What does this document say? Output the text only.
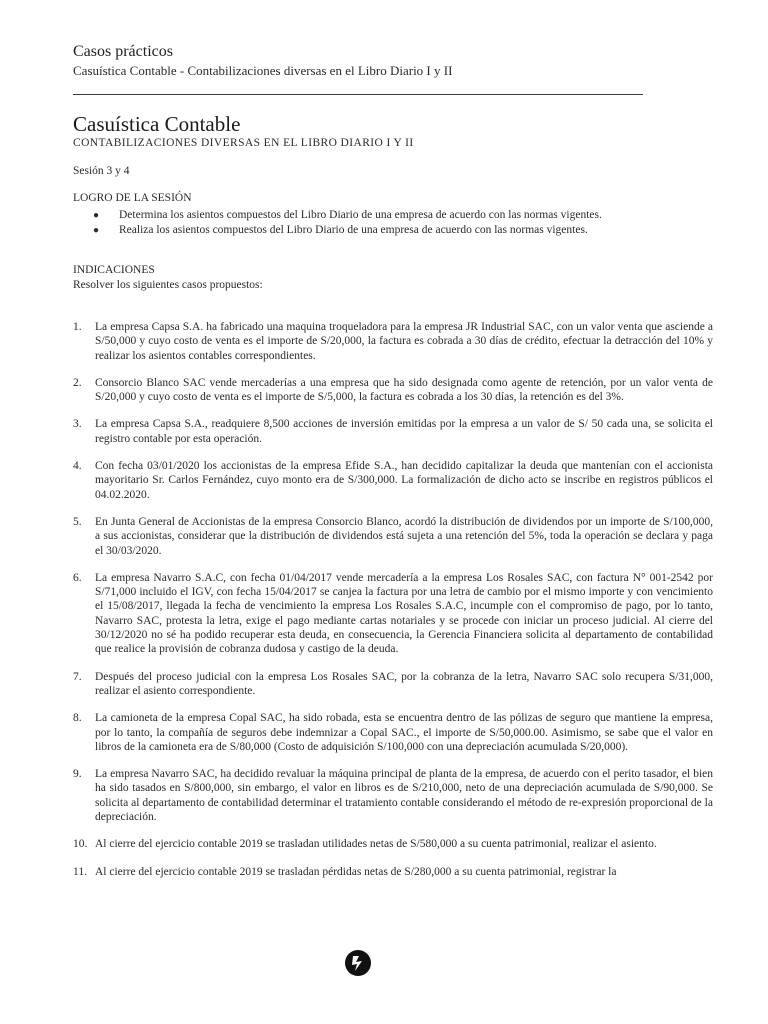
Casos prácticos
Casuística Contable - Contabilizaciones diversas en el Libro Diario I y II
Casuística Contable
CONTABILIZACIONES DIVERSAS EN EL LIBRO DIARIO I Y II
Sesión 3 y 4
LOGRO DE LA SESIÓN
● Determina los asientos compuestos del Libro Diario de una empresa de acuerdo con las normas vigentes.
● Realiza los asientos compuestos del Libro Diario de una empresa de acuerdo con las normas vigentes.
INDICACIONES
Resolver los siguientes casos propuestos:
1. La empresa Capsa S.A. ha fabricado una maquina troqueladora para la empresa JR Industrial SAC, con un valor venta que asciende a S/50,000 y cuyo costo de venta es el importe de S/20,000, la factura es cobrada a 30 días de crédito, efectuar la detracción del 10% y realizar los asientos contables correspondientes.
2. Consorcio Blanco SAC vende mercaderías a una empresa que ha sido designada como agente de retención, por un valor venta de S/20,000 y cuyo costo de venta es el importe de S/5,000, la factura es cobrada a los 30 días, la retención es del 3%.
3. La empresa Capsa S.A., readquiere 8,500 acciones de inversión emitidas por la empresa a un valor de S/ 50 cada una, se solicita el registro contable por esta operación.
4. Con fecha 03/01/2020 los accionistas de la empresa Efide S.A., han decidido capitalizar la deuda que mantenían con el accionista mayoritario Sr. Carlos Fernández, cuyo monto era de S/300,000. La formalización de dicho acto se inscribe en registros públicos el 04.02.2020.
5. En Junta General de Accionistas de la empresa Consorcio Blanco, acordó la distribución de dividendos por un importe de S/100,000, a sus accionistas, considerar que la distribución de dividendos está sujeta a una retención del 5%, toda la operación se declara y paga el 30/03/2020.
6. La empresa Navarro S.A.C, con fecha 01/04/2017 vende mercadería a la empresa Los Rosales SAC, con factura N° 001-2542 por S/71,000 incluido el IGV, con fecha 15/04/2017 se canjea la factura por una letra de cambio por el mismo importe y con vencimiento el 15/08/2017, llegada la fecha de vencimiento la empresa Los Rosales S.A.C, incumple con el compromiso de pago, por lo tanto, Navarro SAC, protesta la letra, exige el pago mediante cartas notariales y se procede con iniciar un proceso judicial. Al cierre del 30/12/2020 no sé ha podido recuperar esta deuda, en consecuencia, la Gerencia Financiera solicita al departamento de contabilidad que realice la provisión de cobranza dudosa y castigo de la deuda.
7. Después del proceso judicial con la empresa Los Rosales SAC, por la cobranza de la letra, Navarro SAC solo recupera S/31,000, realizar el asiento correspondiente.
8. La camioneta de la empresa Copal SAC, ha sido robada, esta se encuentra dentro de las pólizas de seguro que mantiene la empresa, por lo tanto, la compañía de seguros debe indemnizar a Copal SAC., el importe de S/50,000.00. Asimismo, se sabe que el valor en libros de la camioneta era de S/80,000 (Costo de adquisición S/100,000 con una depreciación acumulada S/20,000).
9. La empresa Navarro SAC, ha decidido revaluar la máquina principal de planta de la empresa, de acuerdo con el perito tasador, el bien ha sido tasados en S/800,000, sin embargo, el valor en libros es de S/210,000, neto de una depreciación acumulada de S/90,000. Se solicita al departamento de contabilidad determinar el tratamiento contable considerando el método de re-expresión proporcional de la depreciación.
10. Al cierre del ejercicio contable 2019 se trasladan utilidades netas de S/580,000 a su cuenta patrimonial, realizar el asiento.
11. Al cierre del ejercicio contable 2019 se trasladan pérdidas netas de S/280,000 a su cuenta patrimonial, registrar la
